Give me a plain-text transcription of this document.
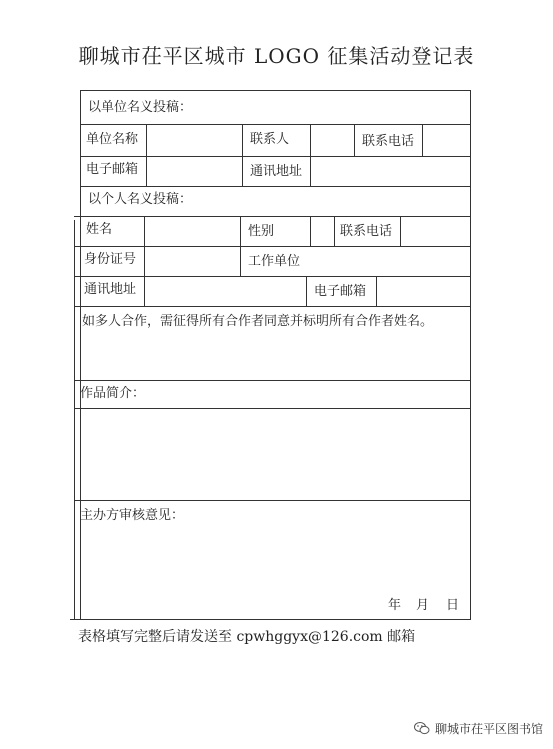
聊城市茌平区城市 LOGO 征集活动登记表
以单位名义投稿：
单位名称	联系人	联系电话
电子邮箱	通讯地址
以个人名义投稿：
姓名	性别	联系电话
身份证号	工作单位
通讯地址	电子邮箱
如多人合作，需征得所有合作者同意并标明所有合作者姓名。
作品简介：
主办方审核意见：
年 月 日
表格填写完整后请发送至 cpwhggyx@126.com 邮箱
聊城市茌平区图书馆
